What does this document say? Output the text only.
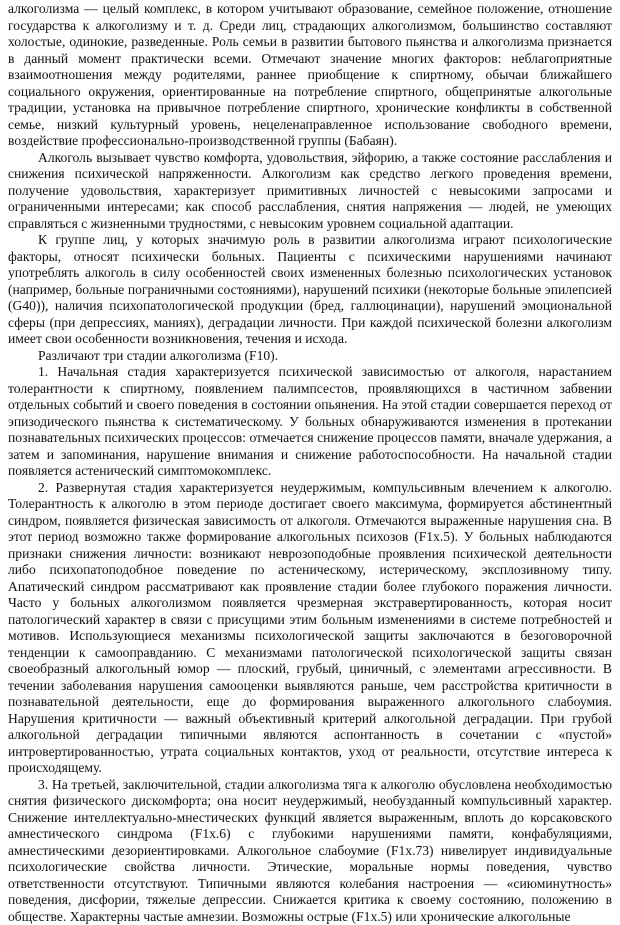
алкоголизма — целый комплекс, в котором учитывают образование, семейное положение, отношение государства к алкоголизму и т. д. Среди лиц, страдающих алкоголизмом, большинство составляют холостые, одинокие, разведенные. Роль семьи в развитии бытового пьянства и алкоголизма признается в данный момент практически всеми. Отмечают значение многих факторов: неблагоприятные взаимоотношения между родителями, раннее приобщение к спиртному, обычаи ближайшего социального окружения, ориентированные на потребление спиртного, общепринятые алкогольные традиции, установка на привычное потребление спиртного, хронические конфликты в собственной семье, низкий культурный уровень, нецеленаправленное использование свободного времени, воздействие профессионально-производственной группы (Бабаян).

Алкоголь вызывает чувство комфорта, удовольствия, эйфорию, а также состояние расслабления и снижения психической напряженности. Алкоголизм как средство легкого проведения времени, получение удовольствия, характеризует примитивных личностей с невысокими запросами и ограниченными интересами; как способ расслабления, снятия напряжения — людей, не умеющих справляться с жизненными трудностями, с невысоким уровнем социальной адаптации.

К группе лиц, у которых значимую роль в развитии алкоголизма играют психологические факторы, относят психически больных. Пациенты с психическими нарушениями начинают употреблять алкоголь в силу особенностей своих измененных болезнью психологических установок (например, больные пограничными состояниями), нарушений психики (некоторые больные эпилепсией (G40)), наличия психопатологической продукции (бред, галлюцинации), нарушений эмоциональной сферы (при депрессиях, маниях), деградации личности. При каждой психической болезни алкоголизм имеет свои особенности возникновения, течения и исхода.

Различают три стадии алкоголизма (F10).

1. Начальная стадия характеризуется психической зависимостью от алкоголя, нарастанием толерантности к спиртному, появлением палимпсестов, проявляющихся в частичном забвении отдельных событий и своего поведения в состоянии опьянения. На этой стадии совершается переход от эпизодического пьянства к систематическому. У больных обнаруживаются изменения в протекании познавательных психических процессов: отмечается снижение процессов памяти, вначале удержания, а затем и запоминания, нарушение внимания и снижение работоспособности. На начальной стадии появляется астенический симптомокомплекс.

2. Развернутая стадия характеризуется неудержимым, компульсивным влечением к алкоголю. Толерантность к алкоголю в этом периоде достигает своего максимума, формируется абстинентный синдром, появляется физическая зависимость от алкоголя. Отмечаются выраженные нарушения сна. В этот период возможно также формирование алкогольных психозов (F1x.5). У больных наблюдаются признаки снижения личности: возникают неврозоподобные проявления психической деятельности либо психопатоподобное поведение по астеническому, истерическому, эксплозивному типу. Апатический синдром рассматривают как проявление стадии более глубокого поражения личности. Часто у больных алкоголизмом появляется чрезмерная экстравертированность, которая носит патологический характер в связи с присущими этим больным изменениями в системе потребностей и мотивов. Использующиеся механизмы психологической защиты заключаются в безоговорочной тенденции к самооправданию. С механизмами патологической психологической защиты связан своеобразный алкогольный юмор — плоский, грубый, циничный, с элементами агрессивности. В течении заболевания нарушения самооценки выявляются раньше, чем расстройства критичности в познавательной деятельности, еще до формирования выраженного алкогольного слабоумия. Нарушения критичности — важный объективный критерий алкогольной деградации. При грубой алкогольной деградации типичными являются аспонтанность в сочетании с «пустой» интровертированностью, утрата социальных контактов, уход от реальности, отсутствие интереса к происходящему.

3. На третьей, заключительной, стадии алкоголизма тяга к алкоголю обусловлена необходимостью снятия физического дискомфорта; она носит неудержимый, необузданный компульсивный характер. Снижение интеллектуально-мнестических функций является выраженным, вплоть до корсаковского амнестического синдрома (F1x.6) с глубокими нарушениями памяти, конфабуляциями, амнестическими дезориентировками. Алкогольное слабоумие (F1x.73) нивелирует индивидуальные психологические свойства личности. Этические, моральные нормы поведения, чувство ответственности отсутствуют. Типичными являются колебания настроения — «сиюминутность» поведения, дисфории, тяжелые депрессии. Снижается критика к своему состоянию, положению в обществе. Характерны частые амнезии. Возможны острые (F1x.5) или хронические алкогольные
